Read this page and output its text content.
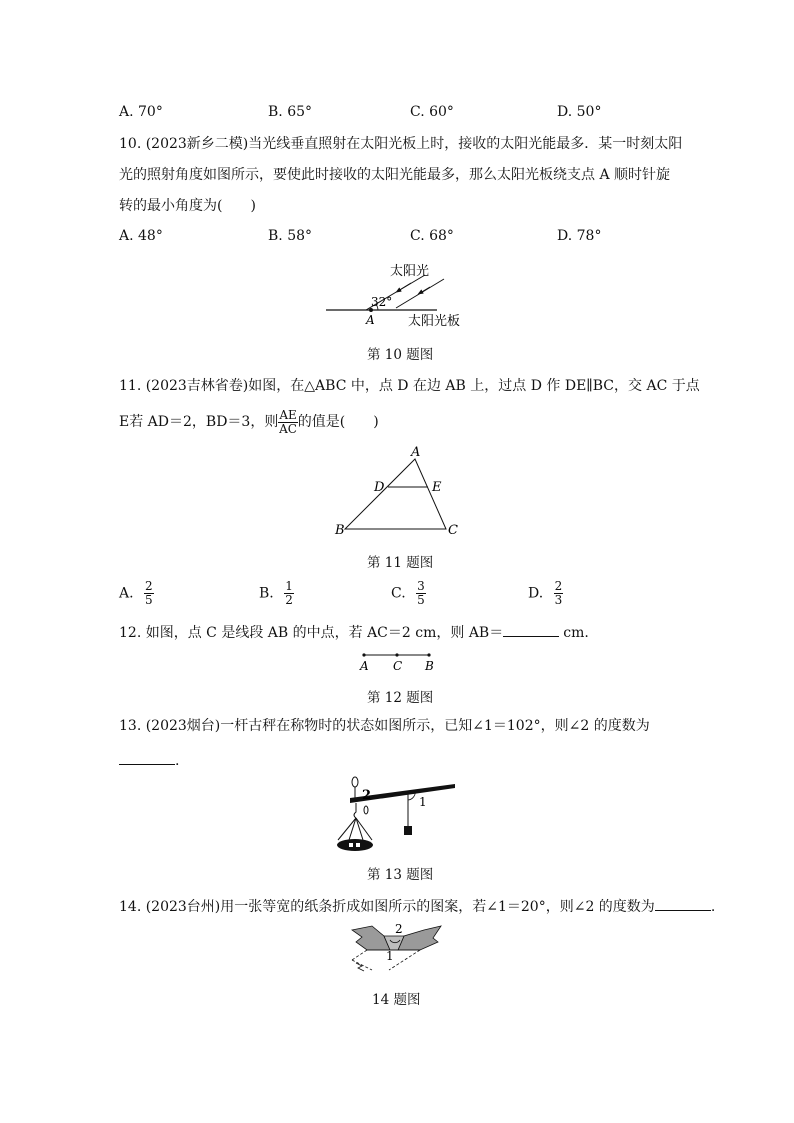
A. 70°	B. 65°	C. 60°	D. 50°
10. (2023新乡二模)当光线垂直照射在太阳光板上时，接收的太阳光能最多．某一时刻太阳
光的照射角度如图所示，要使此时接收的太阳光能最多，那么太阳光板绕支点 A 顺时针旋
转的最小角度为(　　)
A. 48°	B. 58°	C. 68°	D. 78°
太阳光
32°
A	太阳光板
第 10 题图
11. (2023吉林省卷)如图，在△ABC 中，点 D 在边 AB 上，过点 D 作 DE∥BC，交 AC 于点
E若 AD＝2，BD＝3，则 $\frac{AE}{AC}$ 的值是(　　)
A
D	E
B	C
第 11 题图
A. $\frac{2}{5}$	B. $\frac{1}{2}$	C. $\frac{3}{5}$	D. $\frac{2}{3}$
12. 如图，点 C 是线段 AB 的中点，若 AC＝2 cm，则 AB＝	cm.
A C B
第 12 题图
13. (2023烟台)一杆古秤在称物时的状态如图所示，已知∠1＝102°，则∠2 的度数为
.
2	1
第 13 题图
14. (2023台州)用一张等宽的纸条折成如图所示的图案，若∠1＝20°，则∠2 的度数为	.
2
1
14 题图
